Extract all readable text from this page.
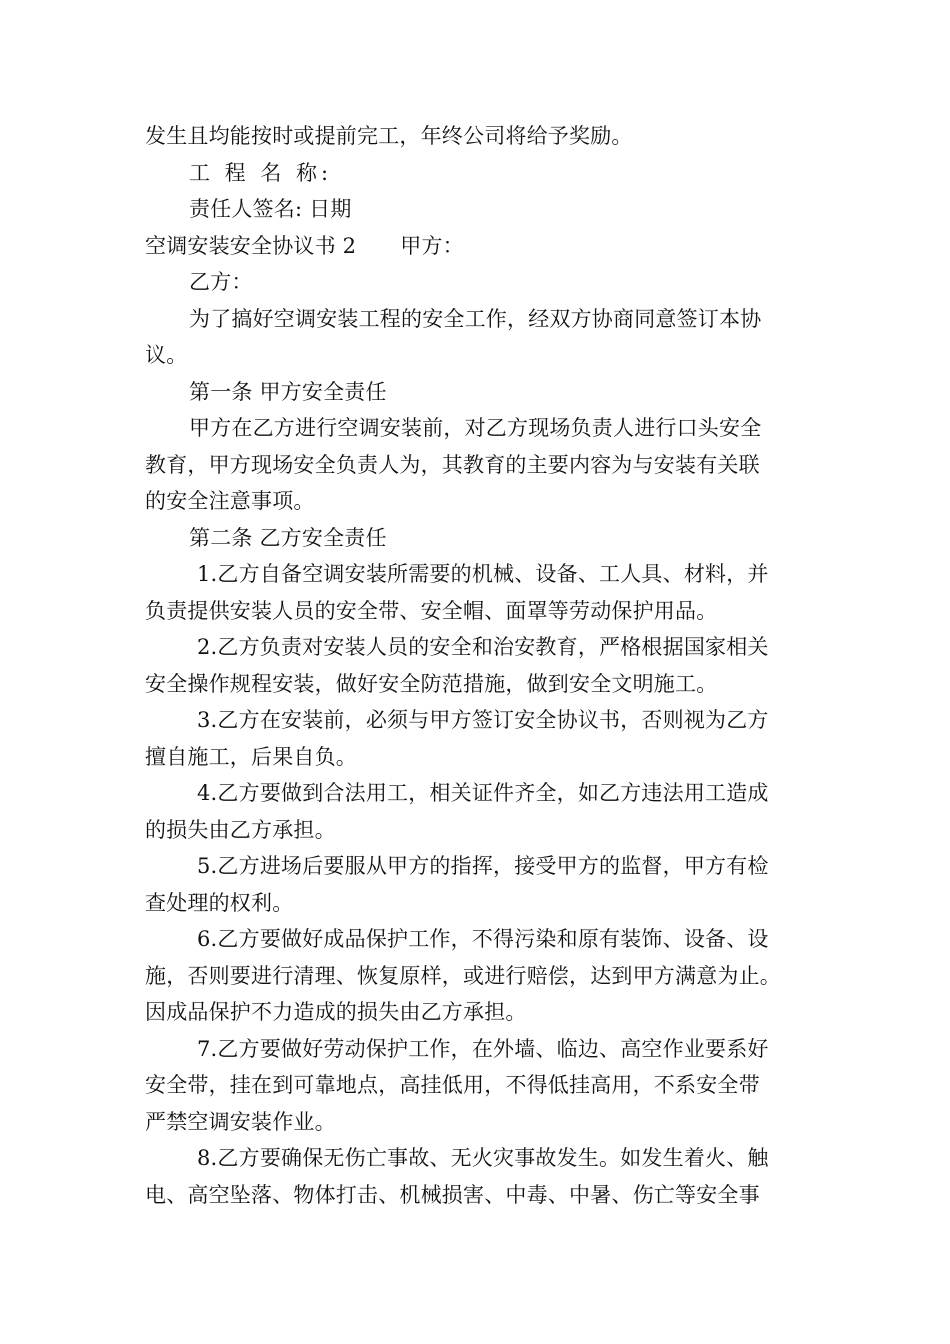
发生且均能按时或提前完工，年终公司将给予奖励。
工 程 名 称:
责任人签名: 日期
空调安装安全协议书 2 甲方：
乙方：
为了搞好空调安装工程的安全工作，经双方协商同意签订本协
议。
第一条 甲方安全责任
甲方在乙方进行空调安装前，对乙方现场负责人进行口头安全
教育，甲方现场安全负责人为，其教育的主要内容为与安装有关联
的安全注意事项。
第二条 乙方安全责任
1.乙方自备空调安装所需要的机械、设备、工人具、材料，并
负责提供安装人员的安全带、安全帽、面罩等劳动保护用品。
2.乙方负责对安装人员的安全和治安教育，严格根据国家相关
安全操作规程安装，做好安全防范措施，做到安全文明施工。
3.乙方在安装前，必须与甲方签订安全协议书，否则视为乙方
擅自施工，后果自负。
4.乙方要做到合法用工，相关证件齐全，如乙方违法用工造成
的损失由乙方承担。
5.乙方进场后要服从甲方的指挥，接受甲方的监督，甲方有检
查处理的权利。
6.乙方要做好成品保护工作，不得污染和原有装饰、设备、设
施，否则要进行清理、恢复原样，或进行赔偿，达到甲方满意为止。
因成品保护不力造成的损失由乙方承担。
7.乙方要做好劳动保护工作，在外墙、临边、高空作业要系好
安全带，挂在到可靠地点，高挂低用，不得低挂高用，不系安全带
严禁空调安装作业。
8.乙方要确保无伤亡事故、无火灾事故发生。如发生着火、触
电、高空坠落、物体打击、机械损害、中毒、中暑、伤亡等安全事
